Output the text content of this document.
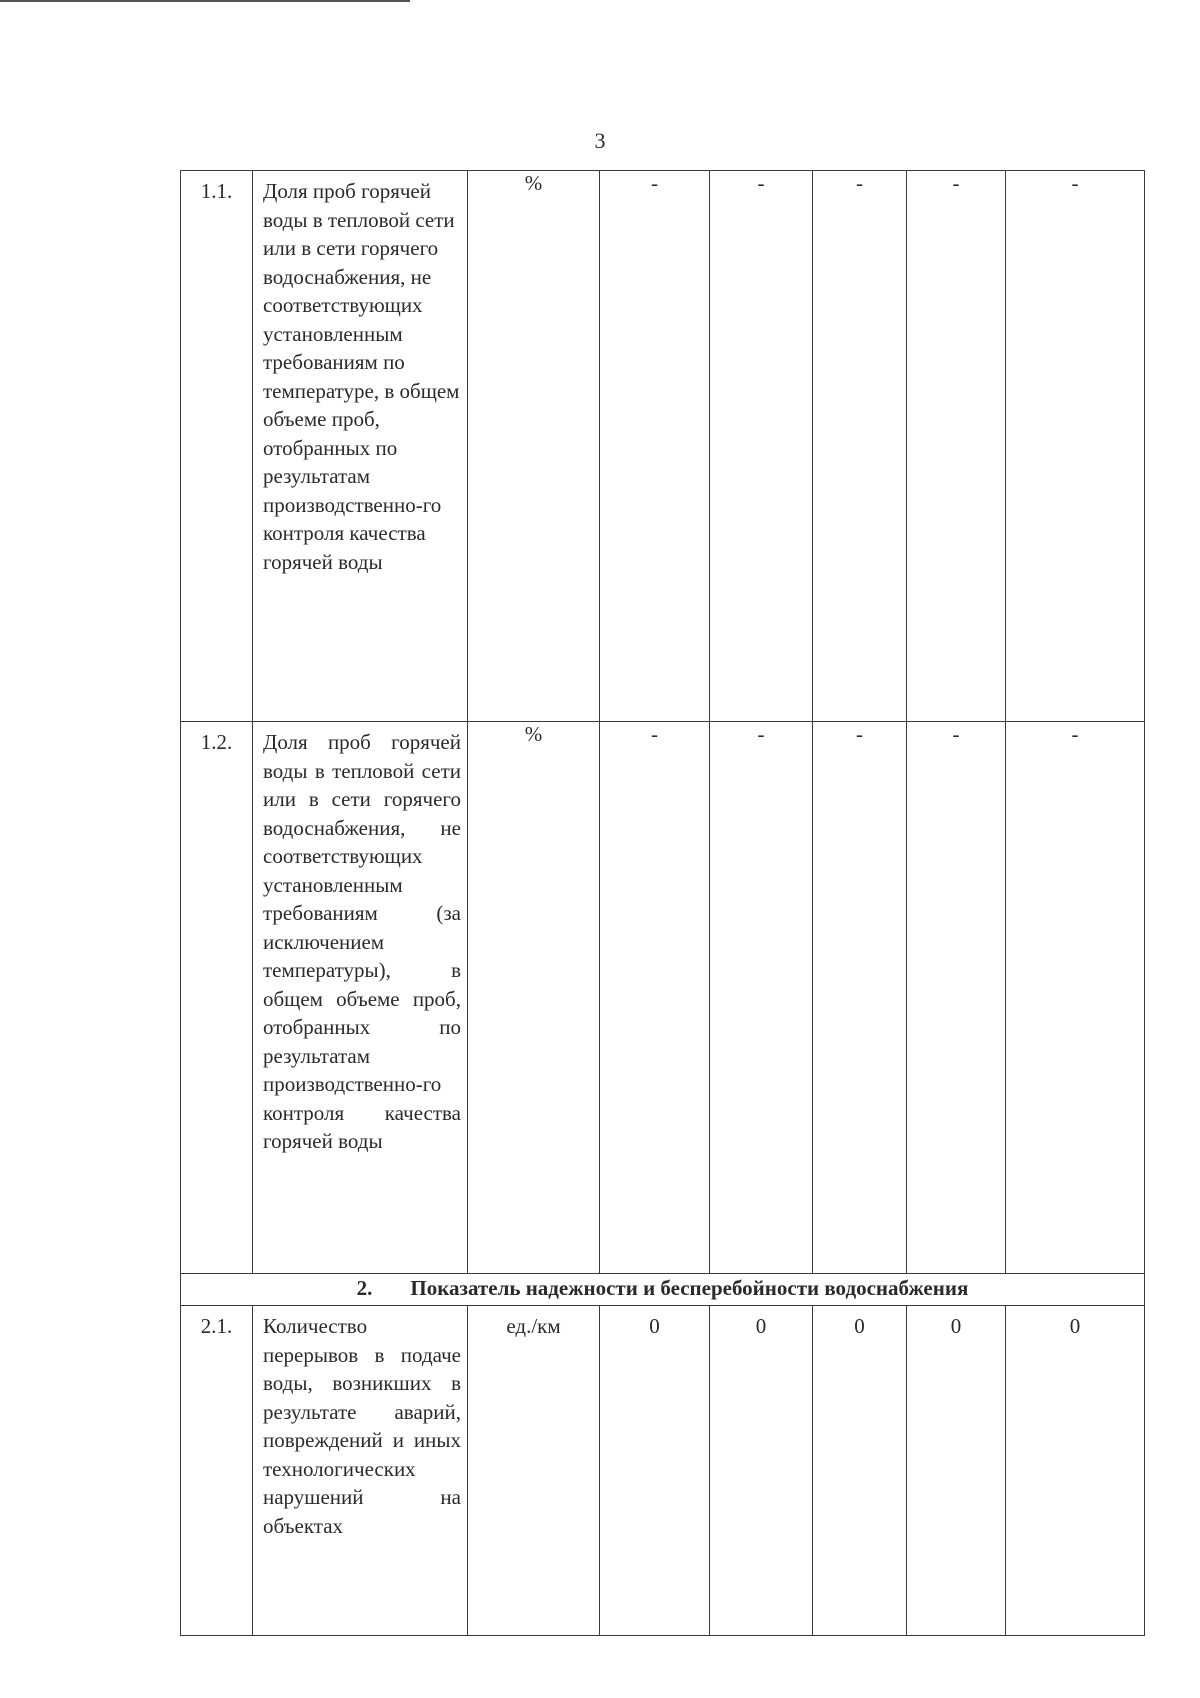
3
1.1.	Доля проб горячей воды в тепловой сети или в сети горячего водоснабжения, не соответствующих установленным требованиям по температуре, в общем объеме проб, отобранных по результатам производственно-го контроля качества горячей воды	%	-	-	-	-	-
1.2.	Доля проб горячей воды в тепловой сети или в сети горячего водоснабжения, не соответствующих установленным требованиям (за исключением температуры), в общем объеме проб, отобранных по результатам производственно-го контроля качества горячей воды	%	-	-	-	-	-
2. Показатель надежности и бесперебойности водоснабжения							
2.1.	Количество перерывов в подаче воды, возникших в результате аварий, повреждений и иных технологических нарушений на объектах	ед./км	0	0	0	0	0
